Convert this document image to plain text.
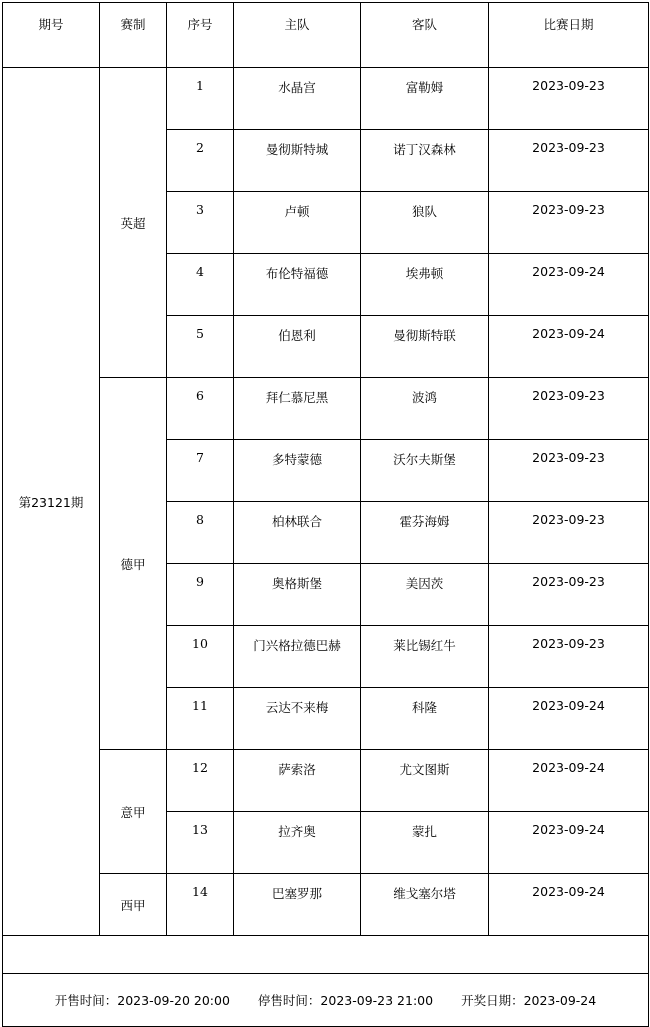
期号	赛制	序号	主队	客队	比赛日期
第23121期	英超	1	水晶宫	富勒姆	2023-09-23
		2	曼彻斯特城	诺丁汉森林	2023-09-23
		3	卢顿	狼队	2023-09-23
		4	布伦特福德	埃弗顿	2023-09-24
		5	伯恩利	曼彻斯特联	2023-09-24
	德甲	6	拜仁慕尼黑	波鸿	2023-09-23
		7	多特蒙德	沃尔夫斯堡	2023-09-23
		8	柏林联合	霍芬海姆	2023-09-23
		9	奥格斯堡	美因茨	2023-09-23
		10	门兴格拉德巴赫	莱比锡红牛	2023-09-23
		11	云达不来梅	科隆	2023-09-24
	意甲	12	萨索洛	尤文图斯	2023-09-24
		13	拉齐奥	蒙扎	2023-09-24
	西甲	14	巴塞罗那	维戈塞尔塔	2023-09-24

开售时间：2023-09-20 20:00 停售时间：2023-09-23 21:00 开奖日期：2023-09-24					
